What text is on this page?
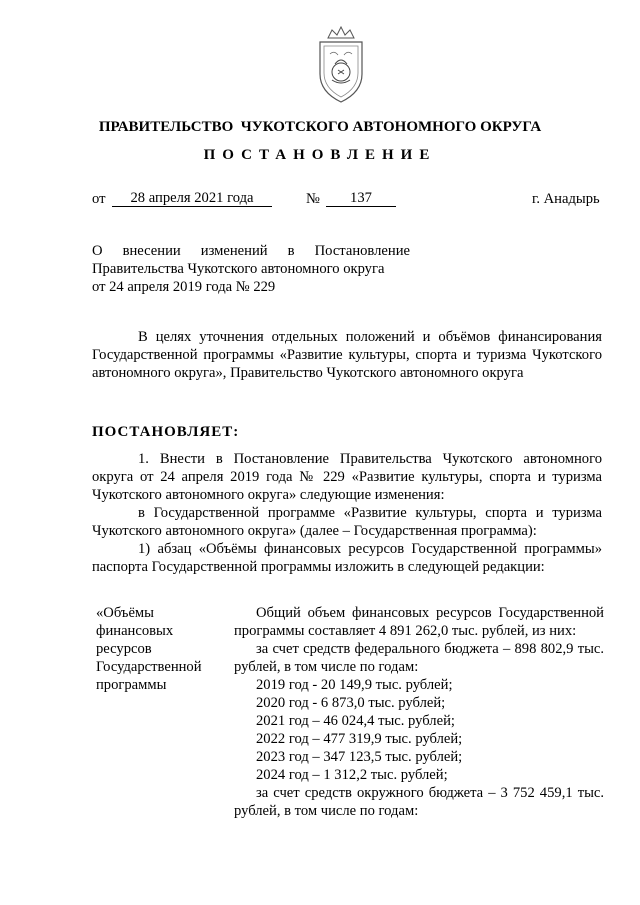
ПРАВИТЕЛЬСТВО  ЧУКОТСКОГО АВТОНОМНОГО ОКРУГА
ПОСТАНОВЛЕНИЕ
от	28 апреля 2021 года	№	137	г. Анадырь

О внесении изменений в Постановление

Правительства Чукотского автономного округа

от 24 апреля 2019 года № 229

В целях уточнения отдельных положений и объёмов финансирования Государственной программы «Развитие культуры, спорта и туризма Чукотского автономного округа», Правительство Чукотского автономного округа

ПОСТАНОВЛЯЕТ:

1. Внести в Постановление Правительства Чукотского автономного округа от 24 апреля 2019 года № 229 «Развитие культуры, спорта и туризма Чукотского автономного округа» следующие изменения:

в Государственной программе «Развитие культуры, спорта и туризма Чукотского автономного округа» (далее – Государственная программа):

1) абзац «Объёмы финансовых ресурсов Государственной программы» паспорта Государственной программы изложить в следующей редакции:

«Объёмы финансовых ресурсов Государственной программы

Общий объем финансовых ресурсов Государственной программы составляет 4 891 262,0 тыс. рублей, из них:

за счет средств федерального бюджета – 898 802,9 тыс. рублей, в том числе по годам:

2019 год - 20 149,9 тыс. рублей;

2020 год - 6 873,0 тыс. рублей;

2021 год – 46 024,4 тыс. рублей;

2022 год – 477 319,9 тыс. рублей;

2023 год – 347 123,5 тыс. рублей;

2024 год – 1 312,2 тыс. рублей;

за счет средств окружного бюджета – 3 752 459,1 тыс. рублей, в том числе по годам:
